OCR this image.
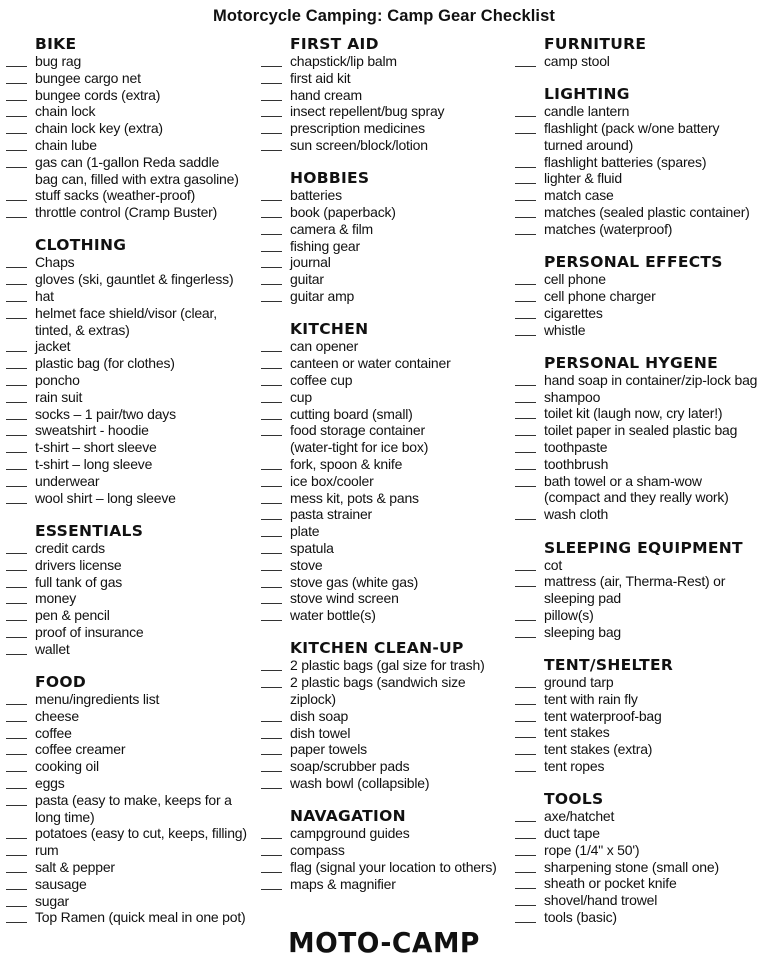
Motorcycle Camping: Camp Gear Checklist
BIKE
bug rag
bungee cargo net
bungee cords (extra)
chain lock
chain lock key (extra)
chain lube
gas can (1-gallon Reda saddle
bag can, filled with extra gasoline)
stuff sacks (weather-proof)
throttle control (Cramp Buster)
CLOTHING
Chaps
gloves (ski, gauntlet & fingerless)
hat
helmet face shield/visor (clear,
tinted, & extras)
jacket
plastic bag (for clothes)
poncho
rain suit
socks – 1 pair/two days
sweatshirt - hoodie
t-shirt – short sleeve
t-shirt – long sleeve
underwear
wool shirt – long sleeve
ESSENTIALS
credit cards
drivers license
full tank of gas
money
pen & pencil
proof of insurance
wallet
FOOD
menu/ingredients list
cheese
coffee
coffee creamer
cooking oil
eggs
pasta (easy to make, keeps for a
long time)
potatoes (easy to cut, keeps, filling)
rum
salt & pepper
sausage
sugar
Top Ramen (quick meal in one pot)
FIRST AID
chapstick/lip balm
first aid kit
hand cream
insect repellent/bug spray
prescription medicines
sun screen/block/lotion
HOBBIES
batteries
book (paperback)
camera & film
fishing gear
journal
guitar
guitar amp
KITCHEN
can opener
canteen or water container
coffee cup
cup
cutting board (small)
food storage container
(water-tight for ice box)
fork, spoon & knife
ice box/cooler
mess kit, pots & pans
pasta strainer
plate
spatula
stove
stove gas (white gas)
stove wind screen
water bottle(s)
KITCHEN CLEAN-UP
2 plastic bags (gal size for trash)
2 plastic bags (sandwich size
ziplock)
dish soap
dish towel
paper towels
soap/scrubber pads
wash bowl (collapsible)
NAVAGATION
campground guides
compass
flag (signal your location to others)
maps & magnifier
FURNITURE
camp stool
LIGHTING
candle lantern
flashlight (pack w/one battery
turned around)
flashlight batteries (spares)
lighter & fluid
match case
matches (sealed plastic container)
matches (waterproof)
PERSONAL EFFECTS
cell phone
cell phone charger
cigarettes
whistle
PERSONAL HYGENE
hand soap in container/zip-lock bag
shampoo
toilet kit (laugh now, cry later!)
toilet paper in sealed plastic bag
toothpaste
toothbrush
bath towel or a sham-wow
(compact and they really work)
wash cloth
SLEEPING EQUIPMENT
cot
mattress (air, Therma-Rest) or
sleeping pad
pillow(s)
sleeping bag
TENT/SHELTER
ground tarp
tent with rain fly
tent waterproof-bag
tent stakes
tent stakes (extra)
tent ropes
TOOLS
axe/hatchet
duct tape
rope (1/4" x 50')
sharpening stone (small one)
sheath or pocket knife
shovel/hand trowel
tools (basic)
MOTO-CAMP
